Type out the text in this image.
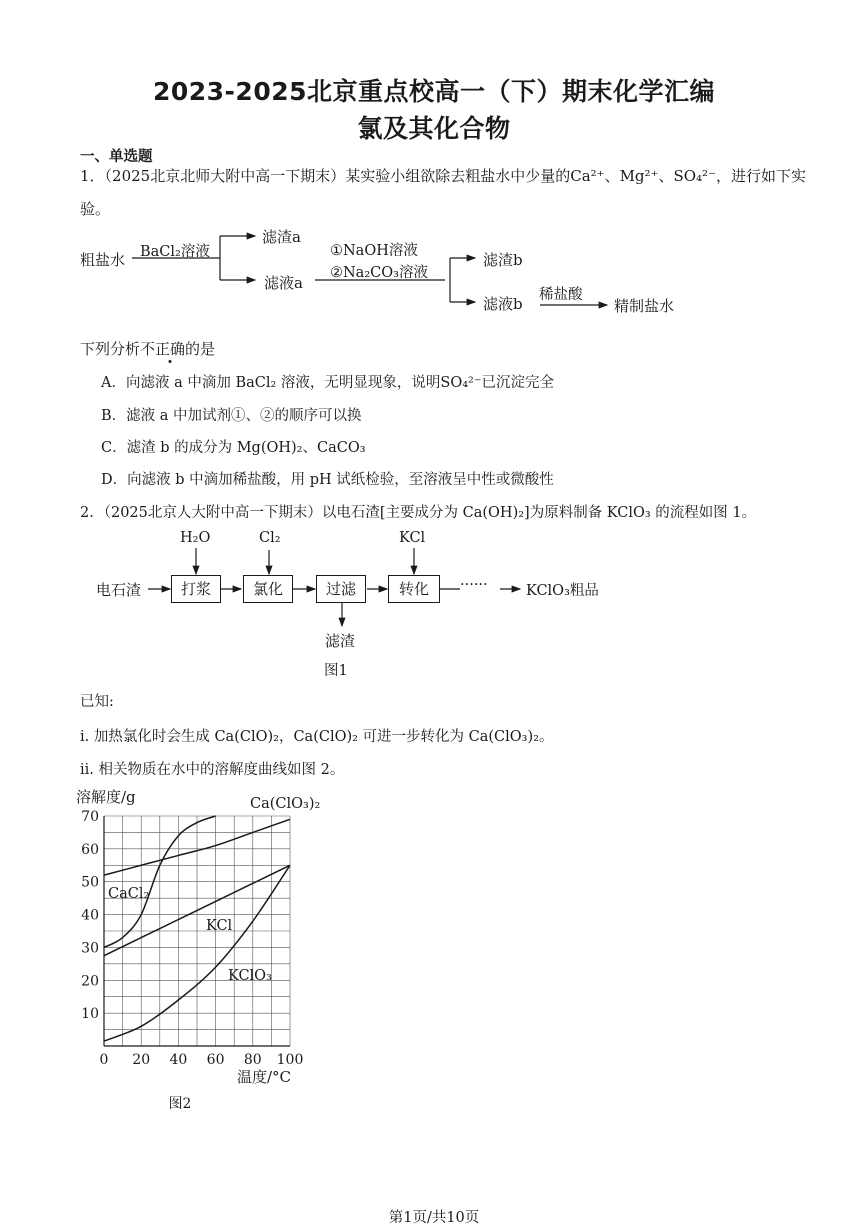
2023-2025北京重点校高一（下）期末化学汇编
氯及其化合物
一、单选题
1．（2025北京北师大附中高一下期末）某实验小组欲除去粗盐水中少量的Ca²⁺、Mg²⁺、SO₄²⁻，进行如下实
验。
粗盐水 BaCl₂溶液
滤渣a
滤液a
①NaOH溶液
②Na₂CO₃溶液
滤渣b
滤液b 稀盐酸
精制盐水
下列分析不正确的是
A．向滤液 a 中滴加 BaCl₂ 溶液，无明显现象，说明SO₄²⁻已沉淀完全
B．滤液 a 中加试剂①、②的顺序可以换
C．滤渣 b 的成分为 Mg(OH)₂、CaCO₃
D．向滤液 b 中滴加稀盐酸，用 pH 试纸检验，至溶液呈中性或微酸性
2．（2025北京人大附中高一下期末）以电石渣[主要成分为 Ca(OH)₂]为原料制备 KClO₃ 的流程如图 1。
电石渣	打浆	氯化	过滤	转化
H₂O	Cl₂	KCl
······	KClO₃粗品
滤渣
图1
已知:
i. 加热氯化时会生成 Ca(ClO)₂，Ca(ClO)₂ 可进一步转化为 Ca(ClO₃)₂。
ii. 相关物质在水中的溶解度曲线如图 2。
0 20 40 60 80 100
10
20
30
40
50
60
70
溶解度/g
温度/°C
图2
Ca(ClO₃)₂
CaCl₂
KCl
KClO₃
第1页/共10页
